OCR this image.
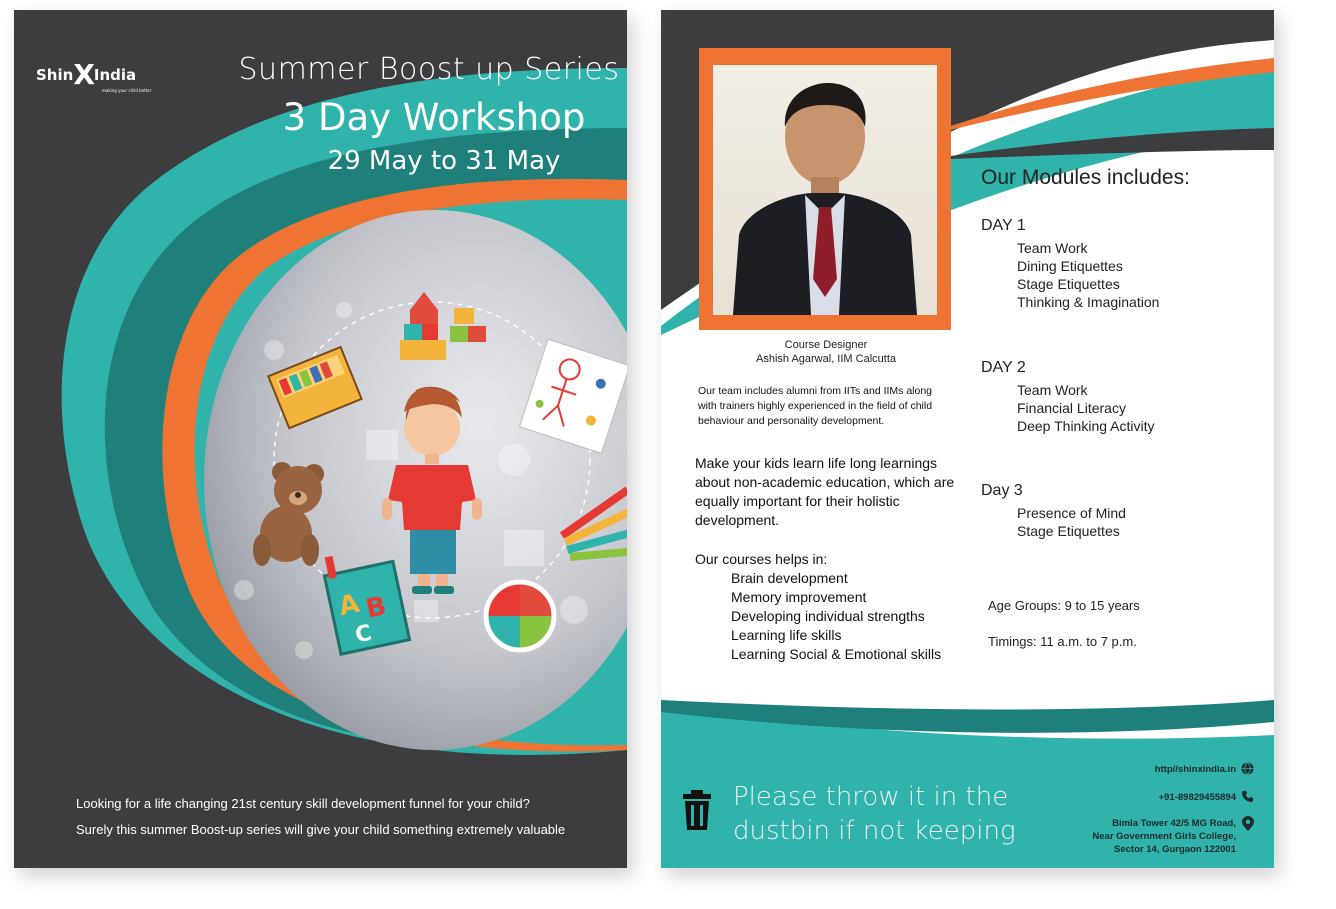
A B
C
ShinXIndia
making your child better
Summer Boost up Series
3 Day Workshop
29 May to 31 May
Looking for a life changing 21st century skill development funnel for your child?
Surely this summer Boost-up series will give your child something extremely valuable
Course Designer
Ashish Agarwal, IIM Calcutta
Our team includes alumni from IITs and IIMs along with trainers highly experienced in the field of child behaviour and personality development.
Make your kids learn life long learnings about non-academic education, which are equally important for their holistic development.
Our courses helps in:
Brain development
Memory improvement
Developing individual strengths
Learning life skills
Learning Social & Emotional skills
Our Modules includes:
DAY 1
Team Work
Dining Etiquettes
Stage Etiquettes
Thinking & Imagination
DAY 2
Team Work
Financial Literacy
Deep Thinking Activity
Day 3
Presence of Mind
Stage Etiquettes
Age Groups: 9 to 15 years
Timings: 11 a.m. to 7 p.m.
Please throw it in the
dustbin if not keeping
http//shinxindia.in
+91-89829455894
Bimla Tower 42/5 MG Road,
Near Government Girls College,
Sector 14, Gurgaon 122001
